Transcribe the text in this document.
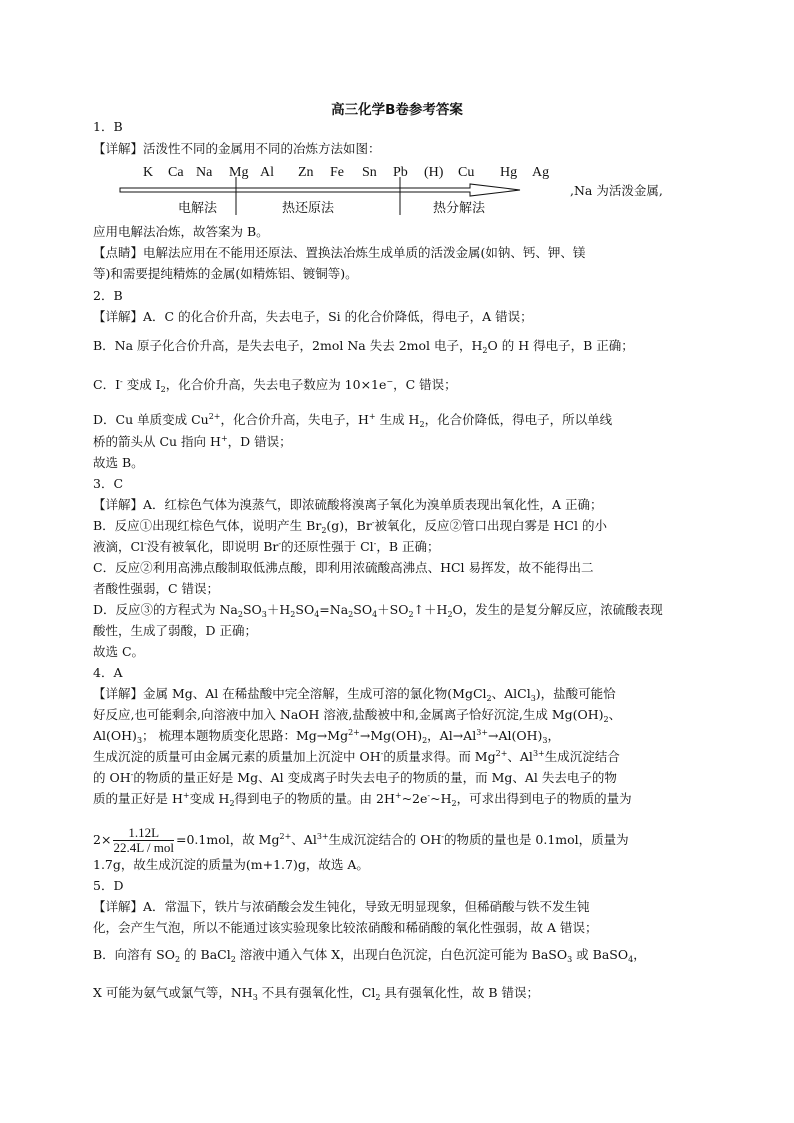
高三化学B卷参考答案
K Ca Na Mg Al Zn Fe Sn Pb (H) Cu Hg Ag
电解法	热还原法	热分解法
,Na 为活泼金属,
1．B
【详解】活泼性不同的金属用不同的冶炼方法如图：
应用电解法冶炼，故答案为 B。
【点睛】电解法应用在不能用还原法、置换法冶炼生成单质的活泼金属(如钠、钙、钾、镁
等)和需要提纯精炼的金属(如精炼铝、镀铜等)。
2．B
【详解】A．C 的化合价升高，失去电子，Si 的化合价降低，得电子，A 错误；
B．Na 原子化合价升高，是失去电子，2mol Na 失去 2mol 电子，$H_2O$ 的 H 得电子，B 正确；
C．I- 变成 $I_2$，化合价升高，失去电子数应为 10×1e−，C 错误；
D．Cu 单质变成 $Cu^{2+}$，化合价升高，失电子，H+ 生成 $H_2$，化合价降低，得电子，所以单线
桥的箭头从 Cu 指向 H+，D 错误；
故选 B。
3．C
【详解】A．红棕色气体为溴蒸气，即浓硫酸将溴离子氧化为溴单质表现出氧化性，A 正确；
B．反应①出现红棕色气体，说明产生 $Br_2(g)$，Br-被氧化，反应②管口出现白雾是 HCl 的小
液滴，Cl-没有被氧化，即说明 Br-的还原性强于 Cl-，B 正确；
C．反应②利用高沸点酸制取低沸点酸，即利用浓硫酸高沸点、HCl 易挥发，故不能得出二
者酸性强弱，C 错误；
D．反应③的方程式为 $Na_2SO_3+H_2SO_4=Na_2SO_4+SO_2↑+H_2O$，发生的是复分解反应，浓硫酸表现
酸性，生成了弱酸，D 正确；
故选 C。
4．A
【详解】金属 Mg、Al 在稀盐酸中完全溶解，生成可溶的氯化物(MgCl$_2$、AlCl$_3$)，盐酸可能恰
好反应,也可能剩余,向溶液中加入 NaOH 溶液,盐酸被中和,金属离子恰好沉淀,生成 $Mg(OH)_2$、
$Al(OH)_3$； 梳理本题物质变化思路：$Mg\to Mg^{2+}\to Mg(OH)_2$，$Al\to Al^{3+}\to Al(OH)_3$，
生成沉淀的质量可由金属元素的质量加上沉淀中 OH-的质量求得。而 $Mg^{2+}$、$Al^{3+}$生成沉淀结合
的 OH-的物质的量正好是 Mg、Al 变成离子时失去电子的物质的量，而 Mg、Al 失去电子的物
质的量正好是 H+变成 $H_2$得到电子的物质的量。由 $2H^+\sim 2e^-\sim H_2$，可求出得到电子的物质的量为
$2\times \frac{1.12L}{\text{22.4L / mol}} =0.1mol$，故 $Mg^{2+}$、$Al^{3+}$生成沉淀结合的 OH-的物质的量也是 0.1mol，质量为
1.7g，故生成沉淀的质量为(m+1.7)g，故选 A。
5．D
【详解】A．常温下，铁片与浓硝酸会发生钝化，导致无明显现象，但稀硝酸与铁不发生钝
化，会产生气泡，所以不能通过该实验现象比较浓硝酸和稀硝酸的氧化性强弱，故 A 错误；
B．向溶有 $SO_2$ 的 BaCl$_2$ 溶液中通入气体 X，出现白色沉淀，白色沉淀可能为 BaSO$_3$ 或 BaSO$_4$，
X 可能为氨气或氯气等，$NH_3$ 不具有强氧化性，$Cl_2$ 具有强氧化性，故 B 错误；
